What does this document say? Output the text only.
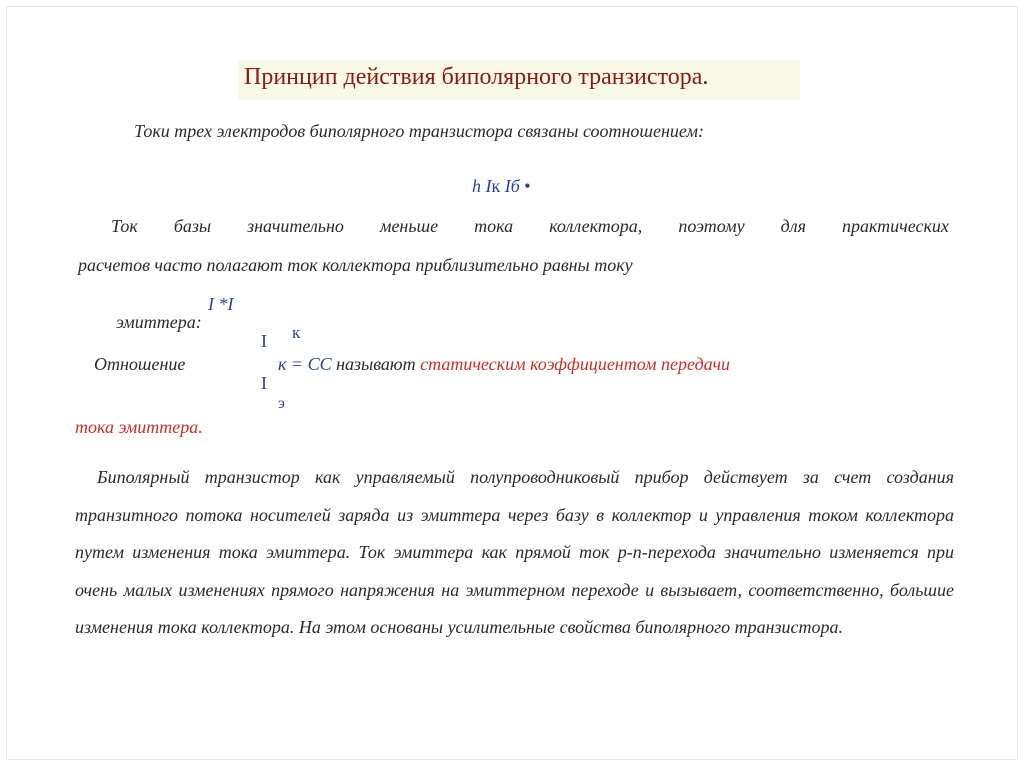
Принцип действия биполярного транзистора.
Токи трех электродов биполярного транзистора связаны соотношением:
h Iк Iб •
Ток базы значительно меньше тока коллектора, поэтому для практических
расчетов часто полагают ток коллектора приблизительно равны току
I *I
эмиттера:
к
I
Отношение	к = CC называют статическим коэффициентом передачи
I
э
тока эмиттера.
Биполярный транзистор как управляемый полупроводниковый прибор действует за счет создания транзитного потока носителей заряда из эмиттера через базу в коллектор и управления током коллектора путем изменения тока эмиттера. Ток эмиттера как прямой ток p-n-перехода значительно изменяется при очень малых изменениях прямого напряжения на эмиттерном переходе и вызывает, соответственно, большие изменения тока коллектора. На этом основаны усилительные свойства биполярного транзистора.
